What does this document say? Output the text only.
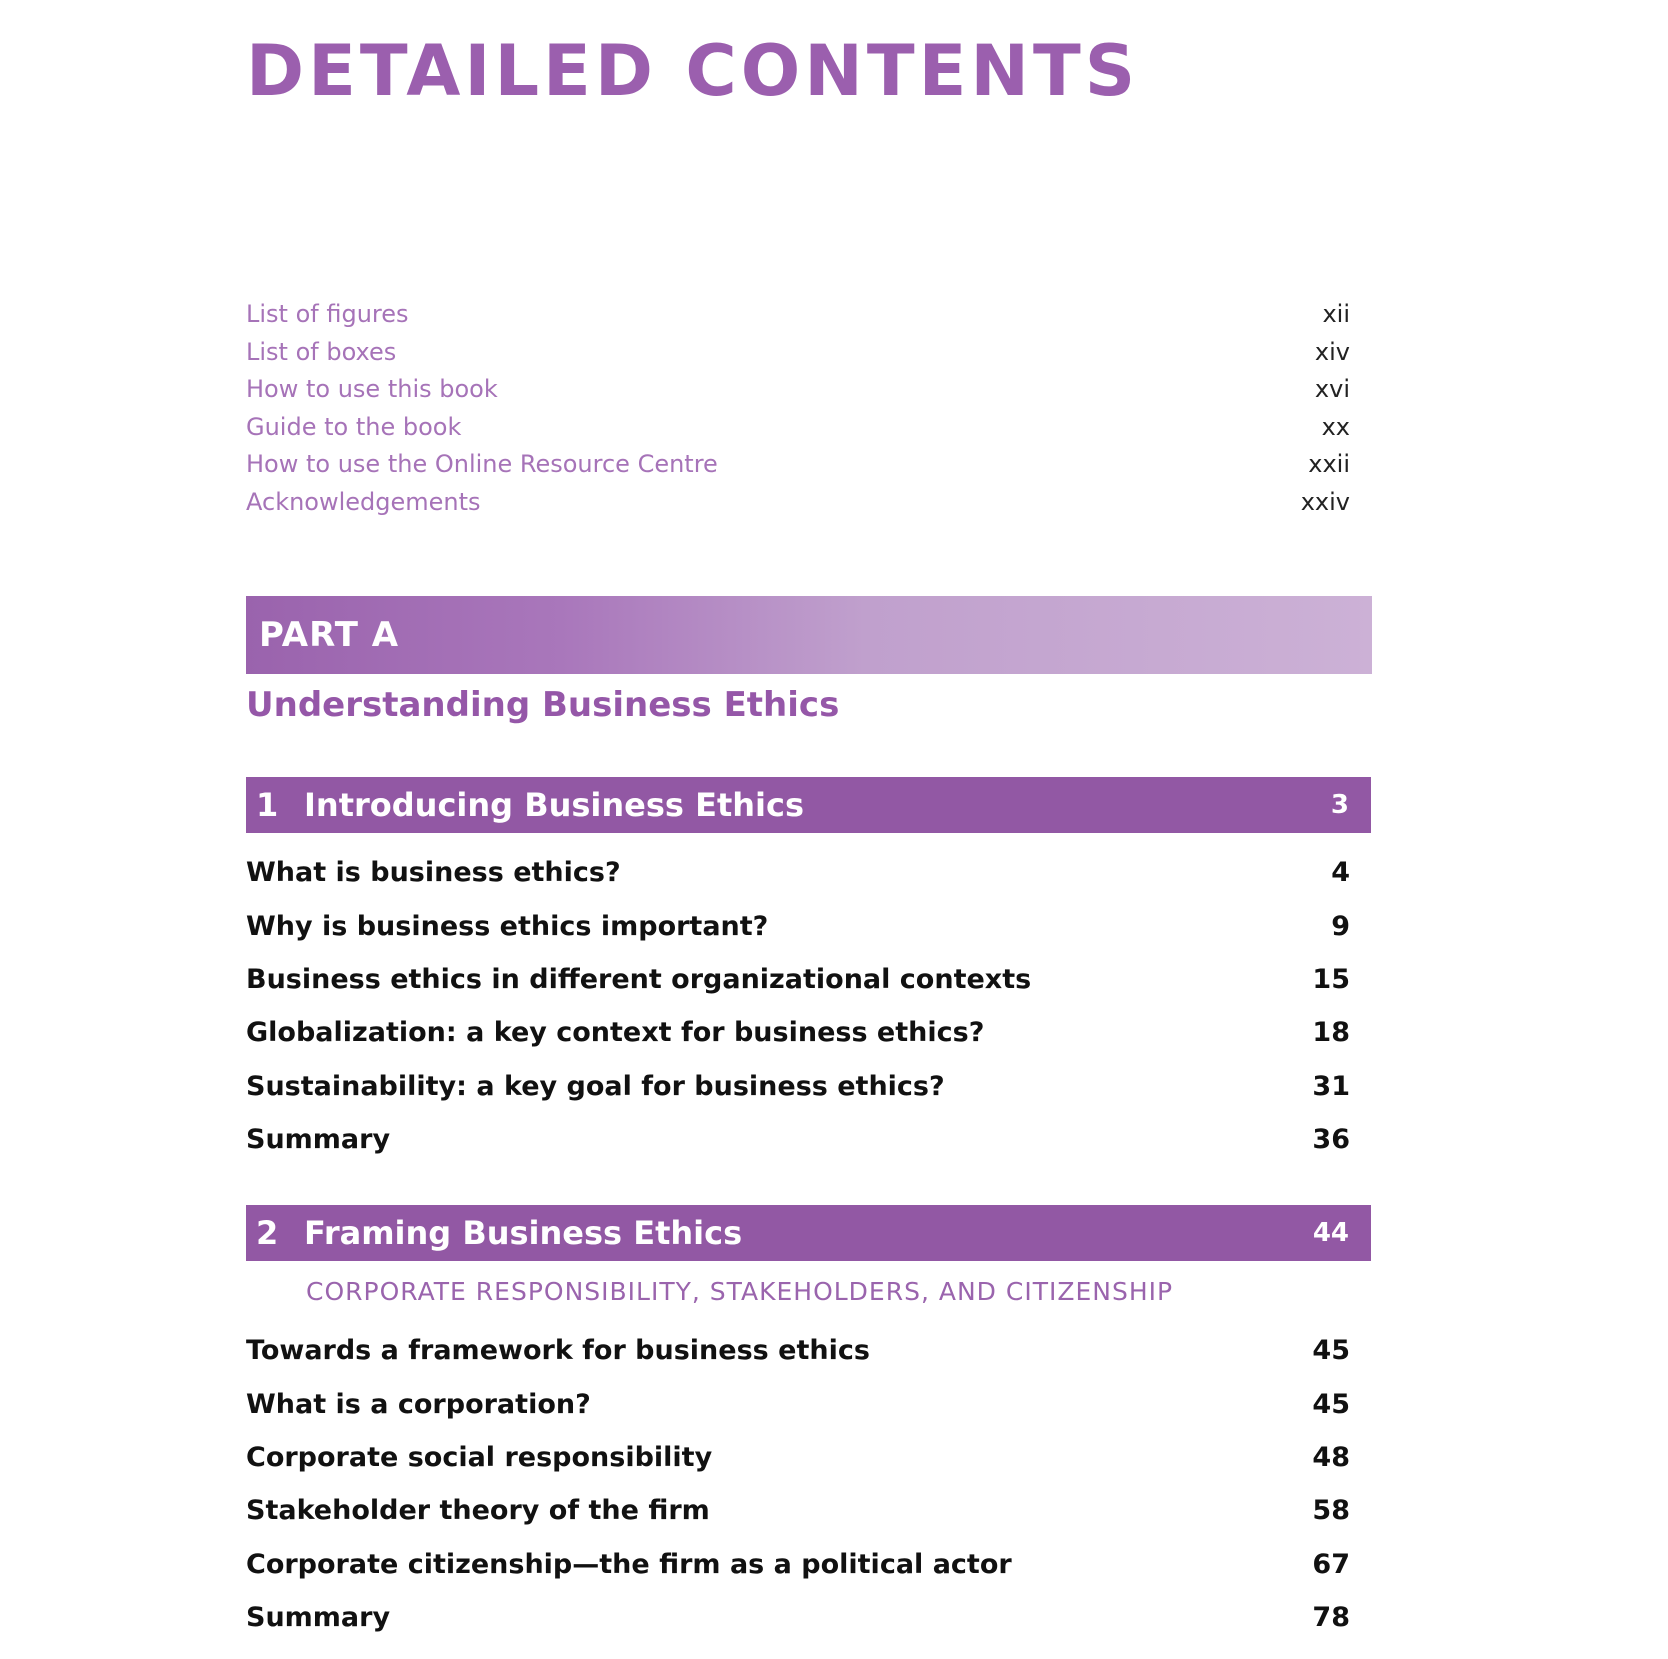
DETAILED CONTENTS
List of figures	xii
List of boxes	xiv
How to use this book	xvi
Guide to the book	xx
How to use the Online Resource Centre	xxii
Acknowledgements	xxiv
PART A
Understanding Business Ethics
1 Introducing Business Ethics	3
What is business ethics?	4
Why is business ethics important?	9
Business ethics in different organizational contexts	15
Globalization: a key context for business ethics?	18
Sustainability: a key goal for business ethics?	31
Summary	36
2 Framing Business Ethics	44

CORPORATE RESPONSIBILITY, STAKEHOLDERS, AND CITIZENSHIP

Towards a framework for business ethics	45
What is a corporation?	45
Corporate social responsibility	48
Stakeholder theory of the firm	58
Corporate citizenship—the firm as a political actor	67
Summary	78
